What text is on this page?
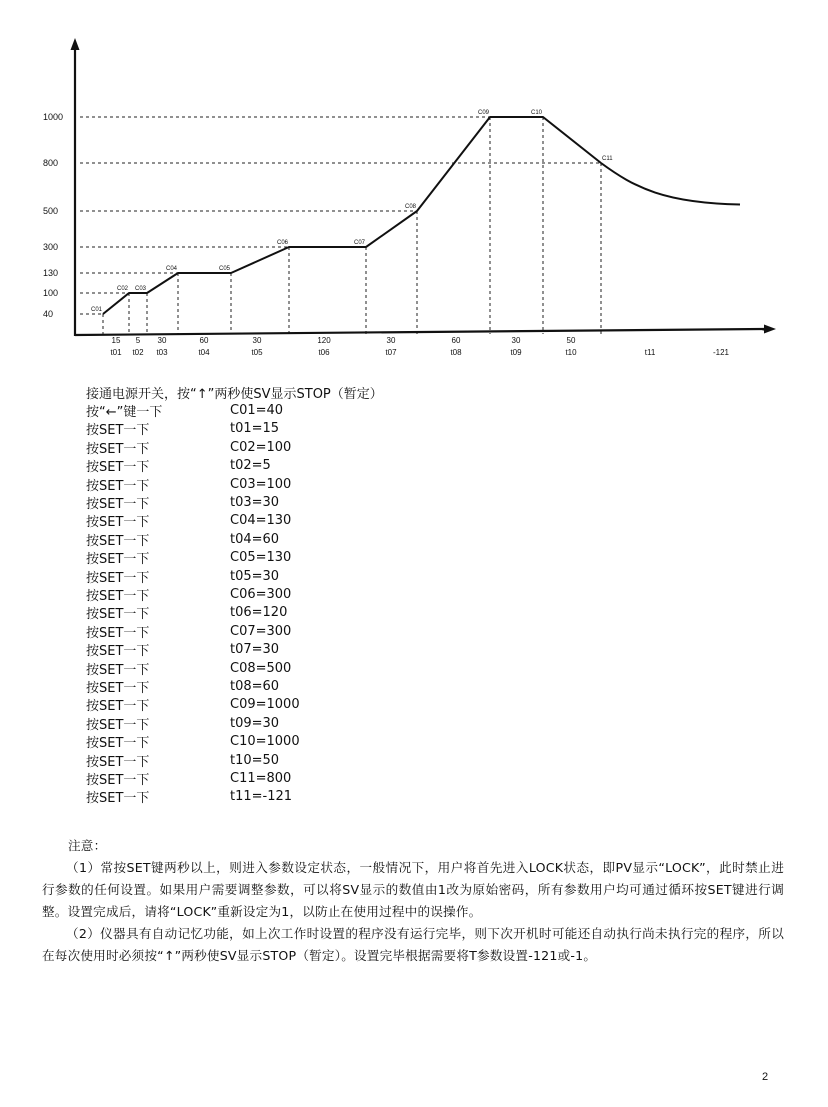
C01
C02 C03
C04	C05
C06	C07
C08
C09	C10
C11
1000
800
500
300
130
100
40
15
t01
5
t02
30
t03
60
t04
30
t05
120
t06
30
t07
60
t08
30
t09
50
t10	t11	-121
接通电源开关，按“↑”两秒使SV显示STOP（暂定）
按“←”键一下	C01=40
按SET一下	t01=15
按SET一下	C02=100
按SET一下	t02=5
按SET一下	C03=100
按SET一下	t03=30
按SET一下	C04=130
按SET一下	t04=60
按SET一下	C05=130
按SET一下	t05=30
按SET一下	C06=300
按SET一下	t06=120
按SET一下	C07=300
按SET一下	t07=30
按SET一下	C08=500
按SET一下	t08=60
按SET一下	C09=1000
按SET一下	t09=30
按SET一下	C10=1000
按SET一下	t10=50
按SET一下	C11=800
按SET一下	t11=-121

注意：

（1）常按SET键两秒以上，则进入参数设定状态，一般情况下，用户将首先进入LOCK状态，即PV显示“LOCK”，此时禁止进行参数的任何设置。如果用户需要调整参数，可以将SV显示的数值由1改为原始密码，所有参数用户均可通过循环按SET键进行调整。设置完成后，请将“LOCK”重新设定为1，以防止在使用过程中的误操作。

（2）仪器具有自动记忆功能，如上次工作时设置的程序没有运行完毕，则下次开机时可能还自动执行尚未执行完的程序，所以在每次使用时必须按“↑”两秒使SV显示STOP（暂定）。设置完毕根据需要将T参数设置-121或-1。

2
